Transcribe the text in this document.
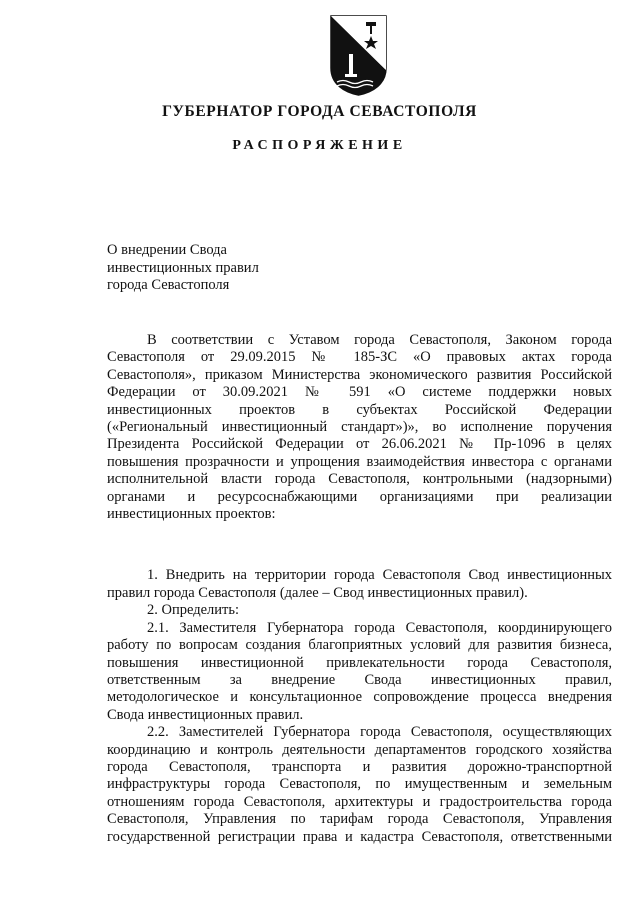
ГУБЕРНАТОР ГОРОДА СЕВАСТОПОЛЯ
РАСПОРЯЖЕНИЕ
О внедрении Свода
инвестиционных правил
города Севастополя
В соответствии с Уставом города Севастополя, Законом города
Севастополя от 29.09.2015 № 185-ЗС «О правовых актах города
Севастополя», приказом Министерства экономического развития Российской
Федерации от 30.09.2021 № 591 «О системе поддержки новых
инвестиционных проектов в субъектах Российской Федерации
(«Региональный инвестиционный стандарт»)», во исполнение поручения
Президента Российской Федерации от 26.06.2021 № Пр-1096 в целях
повышения прозрачности и упрощения взаимодействия инвестора с органами
исполнительной власти города Севастополя, контрольными (надзорными)
органами и ресурсоснабжающими организациями при реализации
инвестиционных проектов:
1. Внедрить на территории города Севастополя Свод инвестиционных
правил города Севастополя (далее – Свод инвестиционных правил).
2. Определить:
2.1. Заместителя Губернатора города Севастополя, координирующего
работу по вопросам создания благоприятных условий для развития бизнеса,
повышения инвестиционной привлекательности города Севастополя,
ответственным за внедрение Свода инвестиционных правил,
методологическое и консультационное сопровождение процесса внедрения
Свода инвестиционных правил.
2.2. Заместителей Губернатора города Севастополя, осуществляющих
координацию и контроль деятельности департаментов городского хозяйства
города Севастополя, транспорта и развития дорожно-транспортной
инфраструктуры города Севастополя, по имущественным и земельным
отношениям города Севастополя, архитектуры и градостроительства города
Севастополя, Управления по тарифам города Севастополя, Управления
государственной регистрации права и кадастра Севастополя, ответственными
